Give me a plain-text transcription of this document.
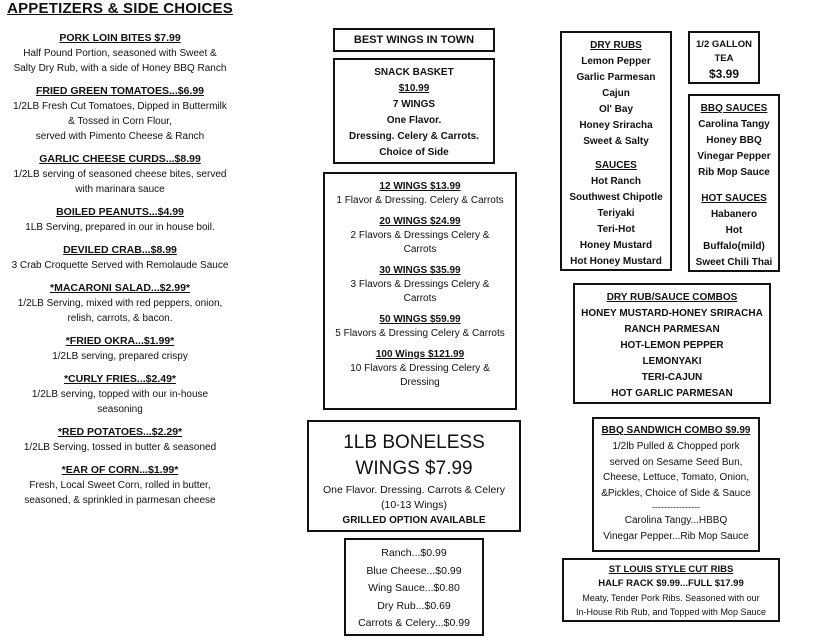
APPETIZERS & SIDE CHOICES
PORK LOIN BITES $7.99
Half Pound Portion, seasoned with Sweet &
Salty Dry Rub, with a side of Honey BBQ Ranch
FRIED GREEN TOMATOES...$6.99
1/2LB Fresh Cut Tomatoes, Dipped in Buttermilk
& Tossed in Corn Flour,
served with Pimento Cheese & Ranch
GARLIC CHEESE CURDS...$8.99
1/2LB serving of seasoned cheese bites, served
with marinara sauce
BOILED PEANUTS...$4.99
1LB Serving, prepared in our in house boil.
DEVILED CRAB...$8.99
3 Crab Croquette Served with Remolaude Sauce
*MACARONI SALAD...$2.99*
1/2LB Serving, mixed with red peppers, onion,
relish, carrots, & bacon.
*FRIED OKRA...$1.99*
1/2LB serving, prepared crispy
*CURLY FRIES...$2.49*
1/2LB serving, topped with our in-house
seasoning
*RED POTATOES...$2.29*
1/2LB Serving, tossed in butter & seasoned
*EAR OF CORN...$1.99*
Fresh, Local Sweet Corn, rolled in butter,
seasoned, & sprinkled in parmesan cheese
BEST WINGS IN TOWN
SNACK BASKET
$10.99
7 WINGS
One Flavor.
Dressing. Celery & Carrots.
Choice of Side
12 WINGS $13.99
1 Flavor & Dressing. Celery & Carrots
20 WINGS $24.99
2 Flavors & Dressings Celery &
Carrots
30 WINGS $35.99
3 Flavors & Dressings Celery &
Carrots
50 WINGS $59.99
5 Flavors & Dressing Celery & Carrots
100 Wings $121.99
10 Flavors & Dressing Celery &
Dressing
1LB BONELESS
WINGS $7.99
One Flavor. Dressing. Carrots & Celery
(10-13 Wings)
GRILLED OPTION AVAILABLE
Ranch...$0.99
Blue Cheese...$0.99
Wing Sauce...$0.80
Dry Rub...$0.69
Carrots & Celery...$0.99
DRY RUBS
Lemon Pepper
Garlic Parmesan
Cajun
Ol' Bay
Honey Sriracha
Sweet & Salty
SAUCES
Hot Ranch
Southwest Chipotle
Teriyaki
Teri-Hot
Honey Mustard
Hot Honey Mustard
1/2 GALLON
TEA
$3.99
BBQ SAUCES
Carolina Tangy
Honey BBQ
Vinegar Pepper
Rib Mop Sauce
HOT SAUCES
Habanero
Hot
Buffalo(mild)
Sweet Chili Thai
DRY RUB/SAUCE COMBOS
HONEY MUSTARD-HONEY SRIRACHA
RANCH PARMESAN
HOT-LEMON PEPPER
LEMONYAKI
TERI-CAJUN
HOT GARLIC PARMESAN
BBQ SANDWICH COMBO $9.99
1/2lb Pulled & Chopped pork
served on Sesame Seed Bun,
Cheese, Lettuce, Tomato, Onion,
&Pickles, Choice of Side & Sauce
----------------
Carolina Tangy...HBBQ
Vinegar Pepper...Rib Mop Sauce
ST LOUIS STYLE CUT RIBS
HALF RACK $9.99...FULL $17.99
Meaty, Tender Pork Ribs. Seasoned with our
In-House Rib Rub, and Topped with Mop Sauce
